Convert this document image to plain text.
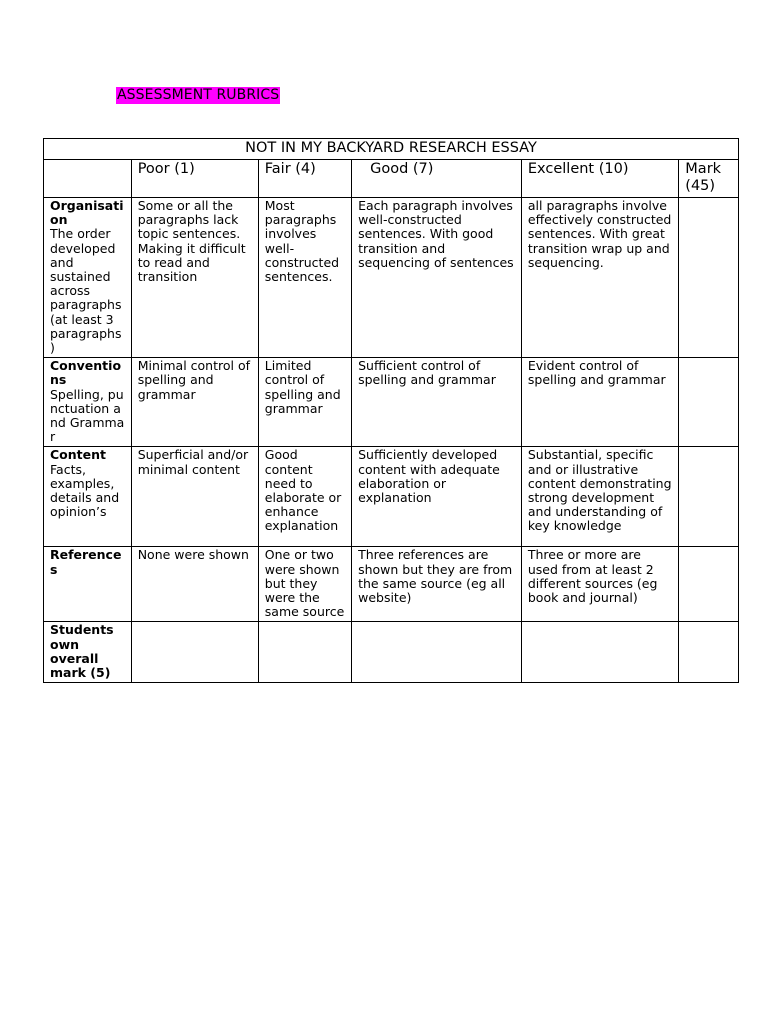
ASSESSMENT RUBRICS
NOT IN MY BACKYARD RESEARCH ESSAY					
	Poor (1)	Fair (4)	Good (7)	Excellent (10)	Mark (45)

Organisation
The order developed and sustained across paragraphs (at least 3 paragraphs )	Some or all the paragraphs lack topic sentences. Making it difficult to read and transition	Most paragraphs involves well-constructed sentences.	Each paragraph involves well-constructed sentences. With good transition and sequencing of sentences	all paragraphs involve effectively constructed sentences. With great transition wrap up and sequencing.	

Conventions
Spelling, punctuation and Grammar	Minimal control of spelling and grammar	Limited control of spelling and grammar	Sufficient control of spelling and grammar	Evident control of spelling and grammar	

Content
Facts, examples, details and opinion’s	Superficial and/or minimal content	Good content need to elaborate or enhance explanation	Sufficiently developed content with adequate elaboration or explanation	Substantial, specific and or illustrative content demonstrating strong development and understanding of key knowledge	

References	None were shown	One or two were shown but they were the same source	Three references are shown but they are from the same source (eg all website)	Three or more are used from at least 2 different sources (eg book and journal)	

Students own overall mark (5)					
